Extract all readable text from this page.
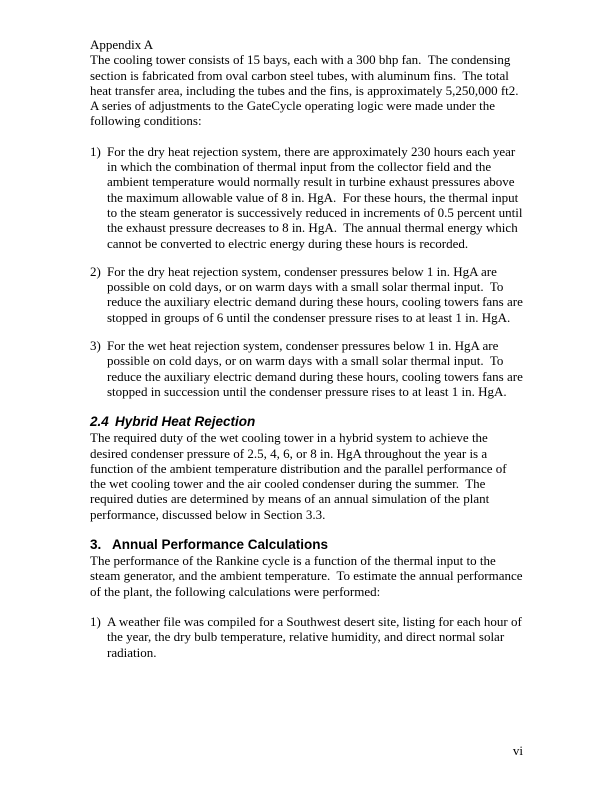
Appendix A

The cooling tower consists of 15 bays, each with a 300 bhp fan.  The condensing section is fabricated from oval carbon steel tubes, with aluminum fins.  The total heat transfer area, including the tubes and the fins, is approximately 5,250,000 ft2.

A series of adjustments to the GateCycle operating logic were made under the following conditions:

1) For the dry heat rejection system, there are approximately 230 hours each year in which the combination of thermal input from the collector field and the ambient temperature would normally result in turbine exhaust pressures above the maximum allowable value of 8 in. HgA.  For these hours, the thermal input to the steam generator is successively reduced in increments of 0.5 percent until the exhaust pressure decreases to 8 in. HgA.  The annual thermal energy which cannot be converted to electric energy during these hours is recorded.
2) For the dry heat rejection system, condenser pressures below 1 in. HgA are possible on cold days, or on warm days with a small solar thermal input.  To reduce the auxiliary electric demand during these hours, cooling towers fans are stopped in groups of 6 until the condenser pressure rises to at least 1 in. HgA.
3) For the wet heat rejection system, condenser pressures below 1 in. HgA are possible on cold days, or on warm days with a small solar thermal input.  To reduce the auxiliary electric demand during these hours, cooling towers fans are stopped in succession until the condenser pressure rises to at least 1 in. HgA.
2.4 Hybrid Heat Rejection

The required duty of the wet cooling tower in a hybrid system to achieve the desired condenser pressure of 2.5, 4, 6, or 8 in. HgA throughout the year is a function of the ambient temperature distribution and the parallel performance of the wet cooling tower and the air cooled condenser during the summer.  The required duties are determined by means of an annual simulation of the plant performance, discussed below in Section 3.3.

3. Annual Performance Calculations

The performance of the Rankine cycle is a function of the thermal input to the steam generator, and the ambient temperature.  To estimate the annual performance of the plant, the following calculations were performed:

1) A weather file was compiled for a Southwest desert site, listing for each hour of the year, the dry bulb temperature, relative humidity, and direct normal solar radiation.
vi
